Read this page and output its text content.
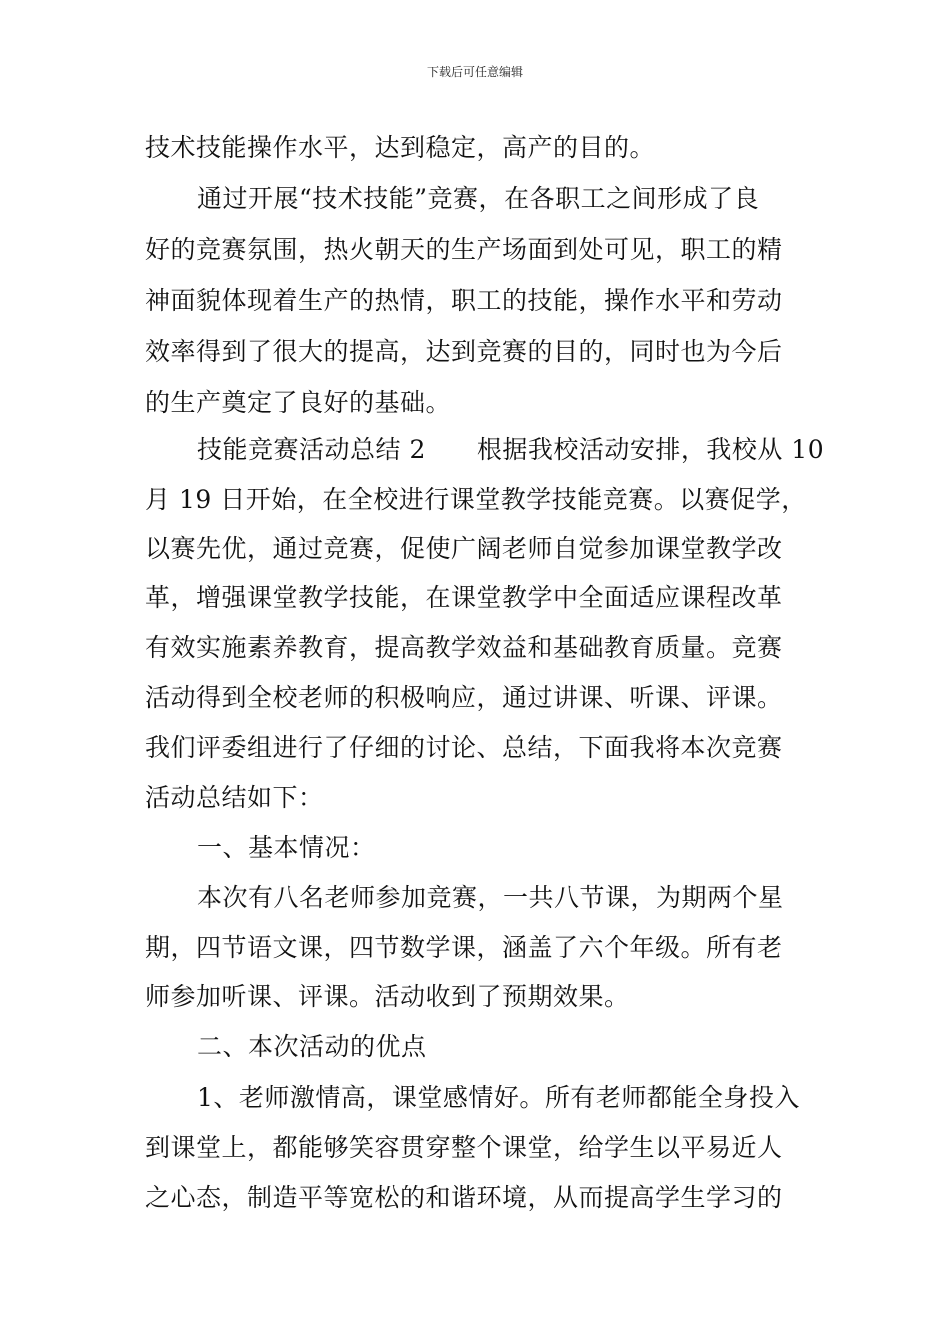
下载后可任意编辑
技术技能操作水平，达到稳定，高产的目的。
通过开展“技术技能”竞赛，在各职工之间形成了良
好的竞赛氛围，热火朝天的生产场面到处可见，职工的精
神面貌体现着生产的热情，职工的技能，操作水平和劳动
效率得到了很大的提高，达到竞赛的目的，同时也为今后
的生产奠定了良好的基础。
技能竞赛活动总结 2　　根据我校活动安排，我校从 10
月 19 日开始，在全校进行课堂教学技能竞赛。以赛促学，
以赛先优，通过竞赛，促使广阔老师自觉参加课堂教学改
革，增强课堂教学技能，在课堂教学中全面适应课程改革
有效实施素养教育，提高教学效益和基础教育质量。竞赛
活动得到全校老师的积极响应，通过讲课、听课、评课。
我们评委组进行了仔细的讨论、总结，下面我将本次竞赛
活动总结如下：
一、基本情况：
本次有八名老师参加竞赛，一共八节课，为期两个星
期，四节语文课，四节数学课，涵盖了六个年级。所有老
师参加听课、评课。活动收到了预期效果。
二、本次活动的优点
1、老师激情高，课堂感情好。所有老师都能全身投入
到课堂上，都能够笑容贯穿整个课堂，给学生以平易近人
之心态，制造平等宽松的和谐环境，从而提高学生学习的
